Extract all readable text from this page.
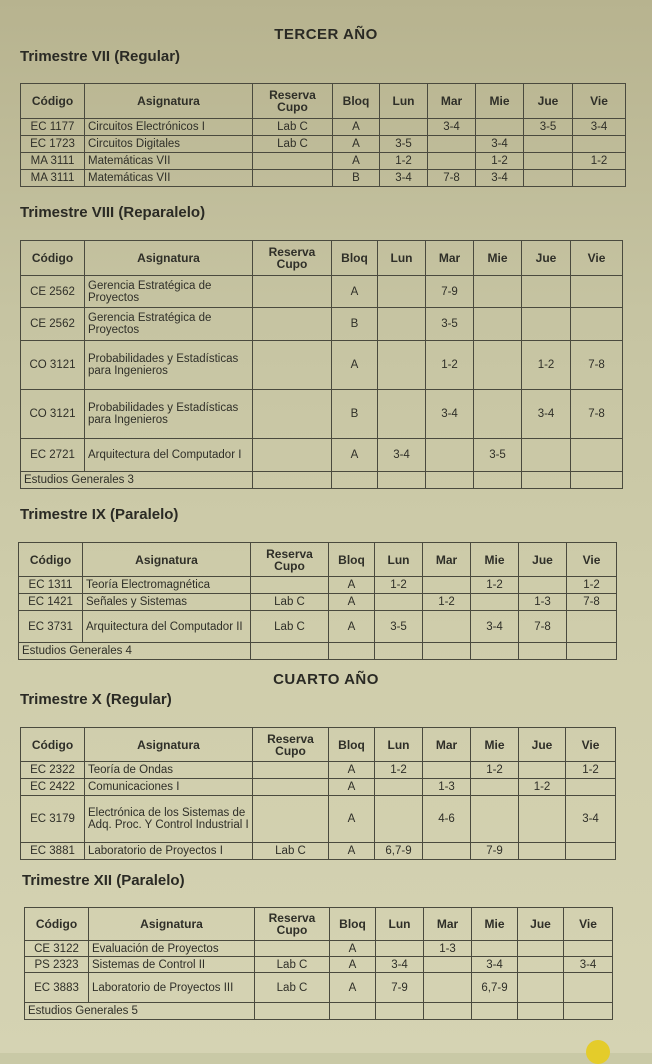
TERCER AÑO
Trimestre VII (Regular)
Código	Asignatura	Reserva Cupo	Bloq	Lun	Mar	Mie	Jue	Vie
EC 1177	Circuitos Electrónicos I	Lab C	A		3-4		3-5	3-4
EC 1723	Circuitos Digitales	Lab C	A	3-5		3-4		
MA 3111	Matemáticas VII		A	1-2		1-2		1-2
MA 3111	Matemáticas VII		B	3-4	7-8	3-4		
Trimestre VIII (Reparalelo)
Código	Asignatura	Reserva Cupo	Bloq	Lun	Mar	Mie	Jue	Vie
CE 2562	Gerencia Estratégica de Proyectos		A		7-9			
CE 2562	Gerencia Estratégica de Proyectos		B		3-5			
CO 3121	Probabilidades y Estadísticas para Ingenieros		A		1-2		1-2	7-8
CO 3121	Probabilidades y Estadísticas para Ingenieros		B		3-4		3-4	7-8
EC 2721	Arquitectura del Computador I		A	3-4		3-5		
Estudios Generales 3								
Trimestre IX (Paralelo)
Código	Asignatura	Reserva Cupo	Bloq	Lun	Mar	Mie	Jue	Vie
EC 1311	Teoría Electromagnética		A	1-2		1-2		1-2
EC 1421	Señales y Sistemas	Lab C	A		1-2		1-3	7-8
EC 3731	Arquitectura del Computador II	Lab C	A	3-5		3-4	7-8	
Estudios Generales 4								
CUARTO AÑO
Trimestre X (Regular)
Código	Asignatura	Reserva Cupo	Bloq	Lun	Mar	Mie	Jue	Vie
EC 2322	Teoría de Ondas		A	1-2		1-2		1-2
EC 2422	Comunicaciones I		A		1-3		1-2	
EC 3179	Electrónica de los Sistemas de Adq. Proc. Y Control Industrial I		A		4-6			3-4
EC 3881	Laboratorio de Proyectos I	Lab C	A	6,7-9		7-9		
Trimestre XII (Paralelo)
Código	Asignatura	Reserva Cupo	Bloq	Lun	Mar	Mie	Jue	Vie
CE 3122	Evaluación de Proyectos		A		1-3			
PS 2323	Sistemas de Control II	Lab C	A	3-4		3-4		3-4
EC 3883	Laboratorio de Proyectos III	Lab C	A	7-9		6,7-9		
Estudios Generales 5								
